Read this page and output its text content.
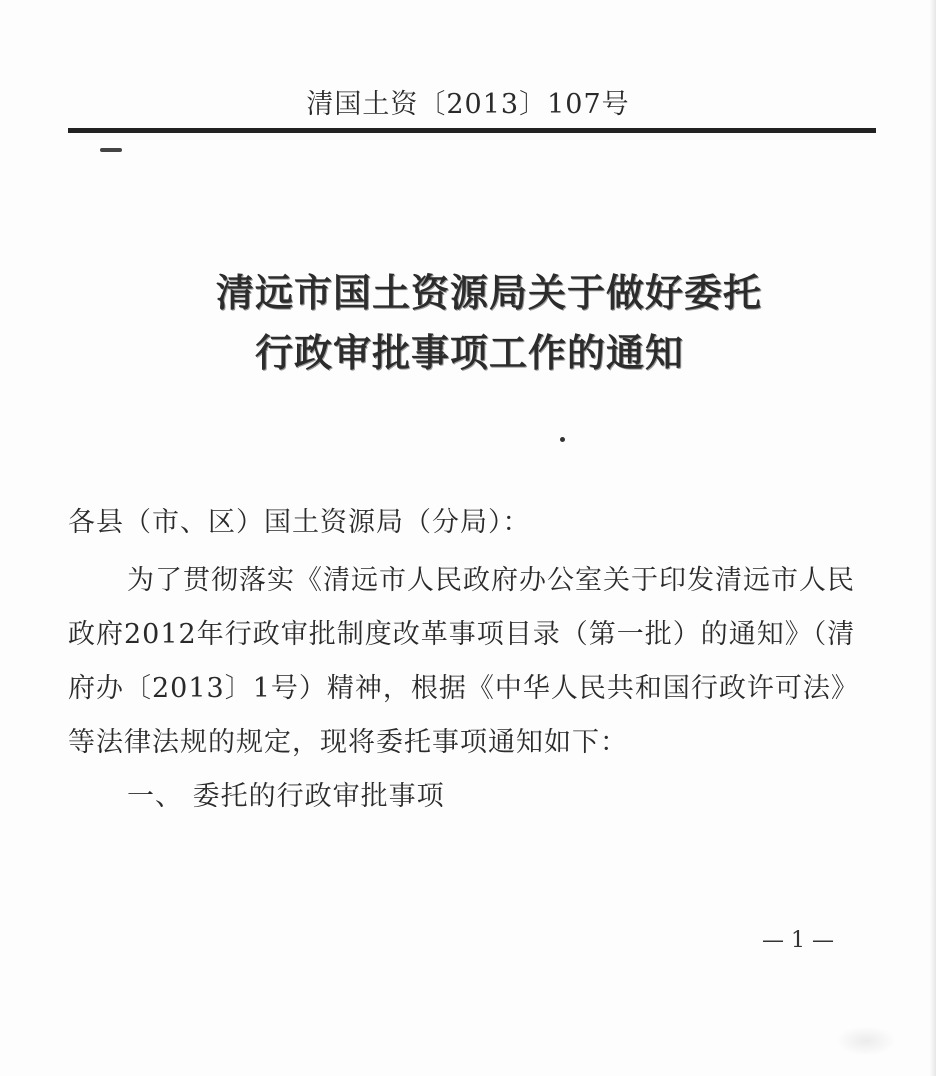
清国土资〔2013〕107号
清远市国土资源局关于做好委托
行政审批事项工作的通知
各县（市、区）国土资源局（分局）：
为了贯彻落实《清远市人民政府办公室关于印发清远市人民
政府2012年行政审批制度改革事项目录（第一批）的通知》（清
府办〔2013〕1号）精神，根据《中华人民共和国行政许可法》
等法律法规的规定，现将委托事项通知如下：
一、 委托的行政审批事项
— 1 —
